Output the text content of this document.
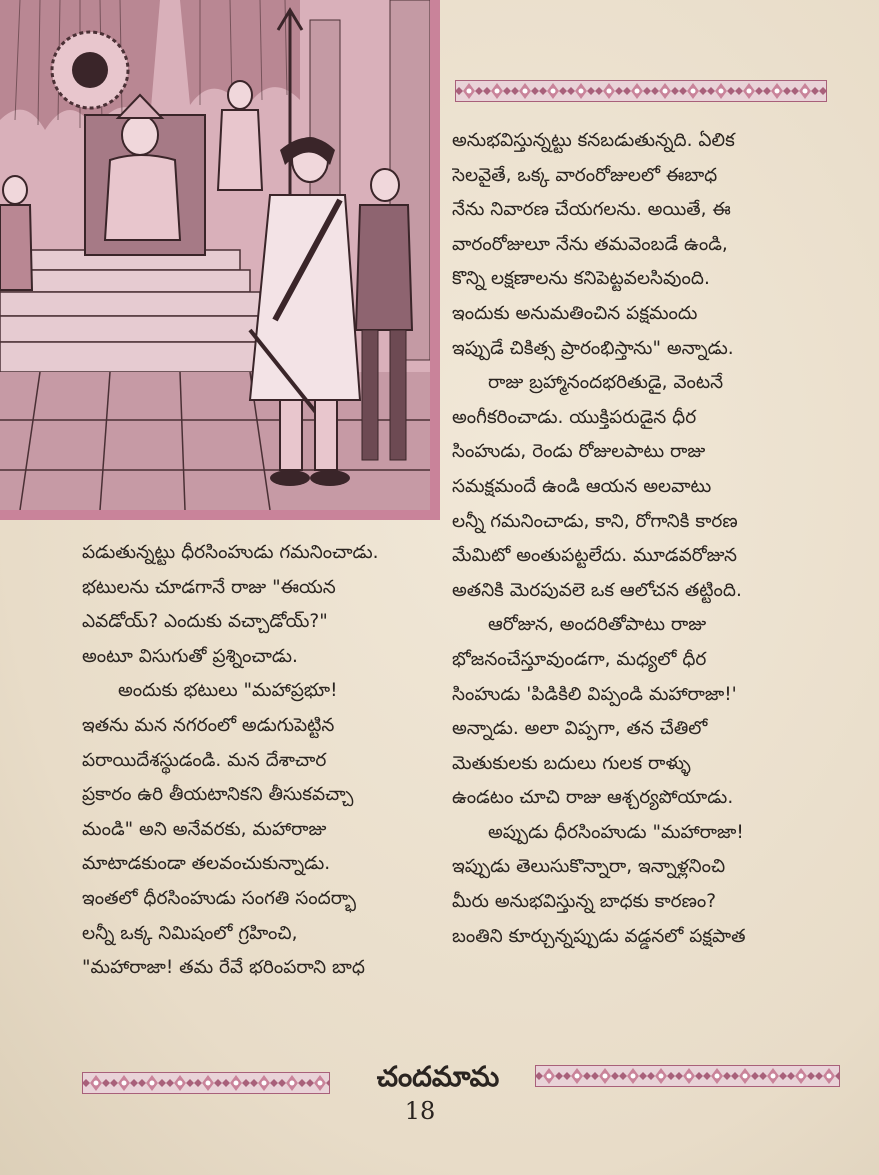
అనుభవిస్తున్నట్టు కనబడుతున్నది. ఏలిక

సెలవైతే, ఒక్క వారంరోజులలో ఈబాధ

నేను నివారణ చేయగలను. అయితే, ఈ

వారంరోజులూ నేను తమవెంబడే ఉండి,

కొన్ని లక్షణాలను కనిపెట్టవలసివుంది.

ఇందుకు అనుమతించిన పక్షమందు

ఇప్పుడే చికిత్స ప్రారంభిస్తాను" అన్నాడు.

రాజు బ్రహ్మానందభరితుడై, వెంటనే

అంగీకరించాడు. యుక్తిపరుడైన ధీర

సింహుడు, రెండు రోజులపాటు రాజు

సమక్షమందే ఉండి ఆయన అలవాటు

లన్నీ గమనించాడు, కాని, రోగానికి కారణ

మేమిటో అంతుపట్టలేదు. మూడవరోజున

అతనికి మెరపువలె ఒక ఆలోచన తట్టింది.

ఆరోజున, అందరితోపాటు రాజు

భోజనంచేస్తూవుండగా, మధ్యలో ధీర

సింహుడు 'పిడికిలి విప్పండి మహారాజా!'

అన్నాడు. అలా విప్పగా, తన చేతిలో

మెతుకులకు బదులు గులక రాళ్ళు

ఉండటం చూచి రాజు ఆశ్చర్యపోయాడు.

అప్పుడు ధీరసింహుడు "మహారాజా!

ఇప్పుడు తెలుసుకొన్నారా, ఇన్నాళ్లనించి

మీరు అనుభవిస్తున్న బాధకు కారణం?

బంతిని కూర్చున్నప్పుడు వడ్డనలో పక్షపాత

పడుతున్నట్టు ధీరసింహుడు గమనించాడు.

భటులను చూడగానే రాజు "ఈయన

ఎవడోయ్? ఎందుకు వచ్చాడోయ్?"

అంటూ విసుగుతో ప్రశ్నించాడు.

అందుకు భటులు "మహాప్రభూ!

ఇతను మన నగరంలో అడుగుపెట్టిన

పరాయిదేశస్థుడండి. మన దేశాచార

ప్రకారం ఉరి తీయటానికని తీసుకవచ్చా

మండి" అని అనేవరకు, మహారాజు

మాటాడకుండా తలవంచుకున్నాడు.

ఇంతలో ధీరసింహుడు సంగతి సందర్భా

లన్నీ ఒక్క నిమిషంలో గ్రహించి,

"మహారాజా! తమ రేవే భరింపరాని బాధ

చందమామ
18
